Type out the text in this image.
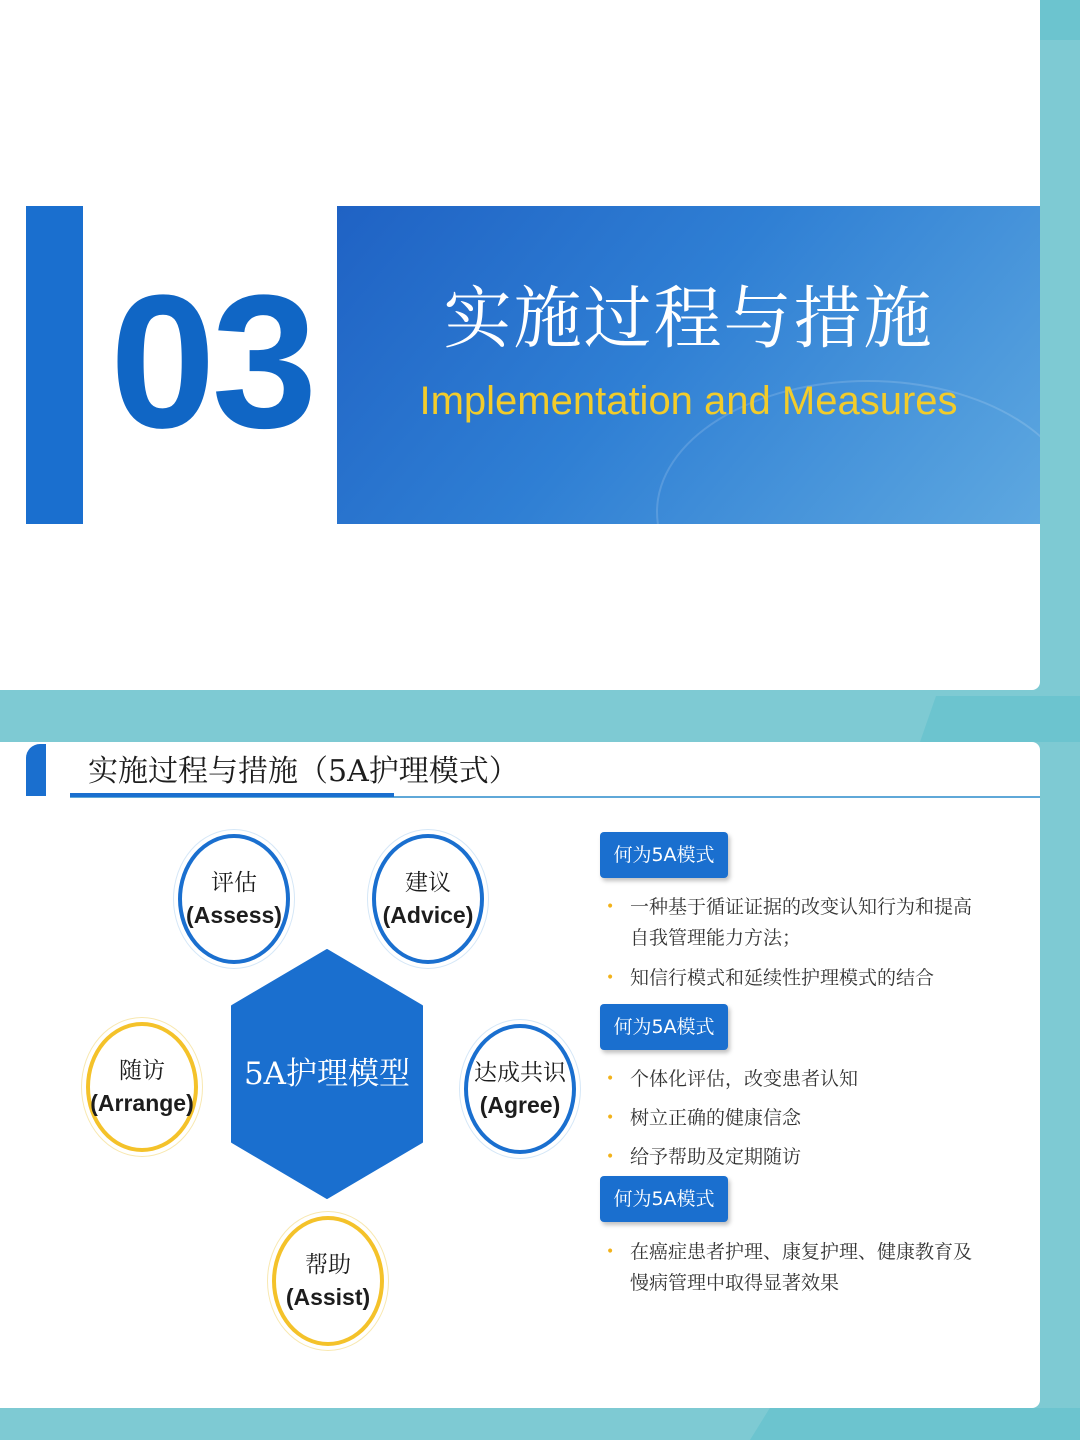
03	实施过程与措施
Implementation and Measures
实施过程与措施（5A护理模式）
5A护理模型
评估
(Assess)
建议
(Advice)
随访
(Arrange)
达成共识
(Agree)
帮助
(Assist)
何为5A模式
• 一种基于循证证据的改变认知行为和提高自我管理能力方法；
• 知信行模式和延续性护理模式的结合
何为5A模式
• 个体化评估，改变患者认知
• 树立正确的健康信念
• 给予帮助及定期随访
何为5A模式
• 在癌症患者护理、康复护理、健康教育及慢病管理中取得显著效果
